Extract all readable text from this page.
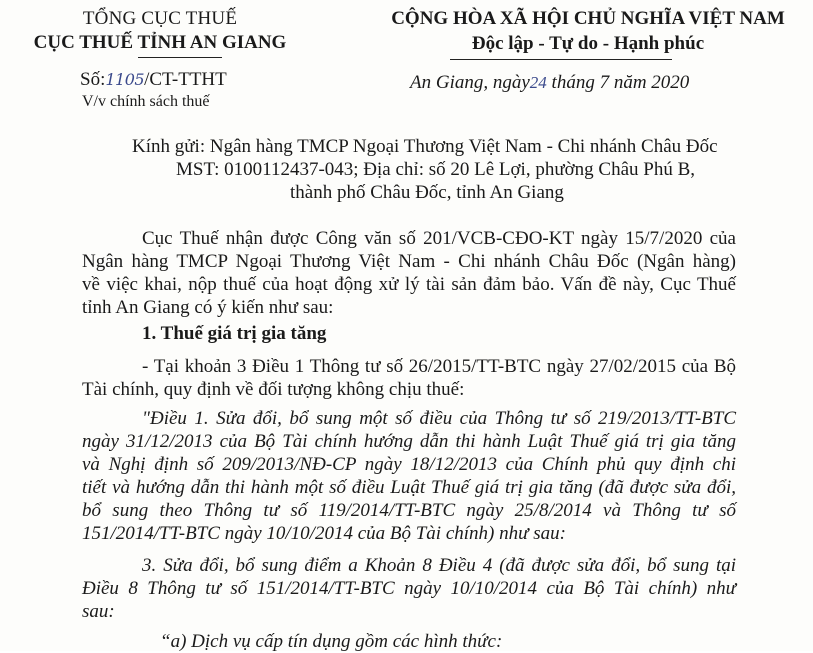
TỔNG CỤC THUẾ
CỤC THUẾ TỈNH AN GIANG
Số:1105/CT-TTHT
V/v chính sách thuế
CỘNG HÒA XÃ HỘI CHỦ NGHĨA VIỆT NAM
Độc lập - Tự do - Hạnh phúc
An Giang, ngày24 tháng 7 năm 2020
Kính gửi: Ngân hàng TMCP Ngoại Thương Việt Nam - Chi nhánh Châu Đốc
MST: 0100112437-043; Địa chỉ: số 20 Lê Lợi, phường Châu Phú B,
thành phố Châu Đốc, tỉnh An Giang
Cục Thuế nhận được Công văn số 201/VCB-CĐO-KT ngày 15/7/2020 của
Ngân hàng TMCP Ngoại Thương Việt Nam - Chi nhánh Châu Đốc (Ngân hàng)
về việc khai, nộp thuế của hoạt động xử lý tài sản đảm bảo. Vấn đề này, Cục Thuế
tỉnh An Giang có ý kiến như sau:
1. Thuế giá trị gia tăng
- Tại khoản 3 Điều 1 Thông tư số 26/2015/TT-BTC ngày 27/02/2015 của Bộ
Tài chính, quy định về đối tượng không chịu thuế:
"Điều 1. Sửa đổi, bổ sung một số điều của Thông tư số 219/2013/TT-BTC
ngày 31/12/2013 của Bộ Tài chính hướng dẫn thi hành Luật Thuế giá trị gia tăng
và Nghị định số 209/2013/NĐ-CP ngày 18/12/2013 của Chính phủ quy định chi
tiết và hướng dẫn thi hành một số điều Luật Thuế giá trị gia tăng (đã được sửa đổi,
bổ sung theo Thông tư số 119/2014/TT-BTC ngày 25/8/2014 và Thông tư số
151/2014/TT-BTC ngày 10/10/2014 của Bộ Tài chính) như sau:
3. Sửa đổi, bổ sung điểm a Khoản 8 Điều 4 (đã được sửa đổi, bổ sung tại
Điều 8 Thông tư số 151/2014/TT-BTC ngày 10/10/2014 của Bộ Tài chính) như
sau:
“a) Dịch vụ cấp tín dụng gồm các hình thức:
